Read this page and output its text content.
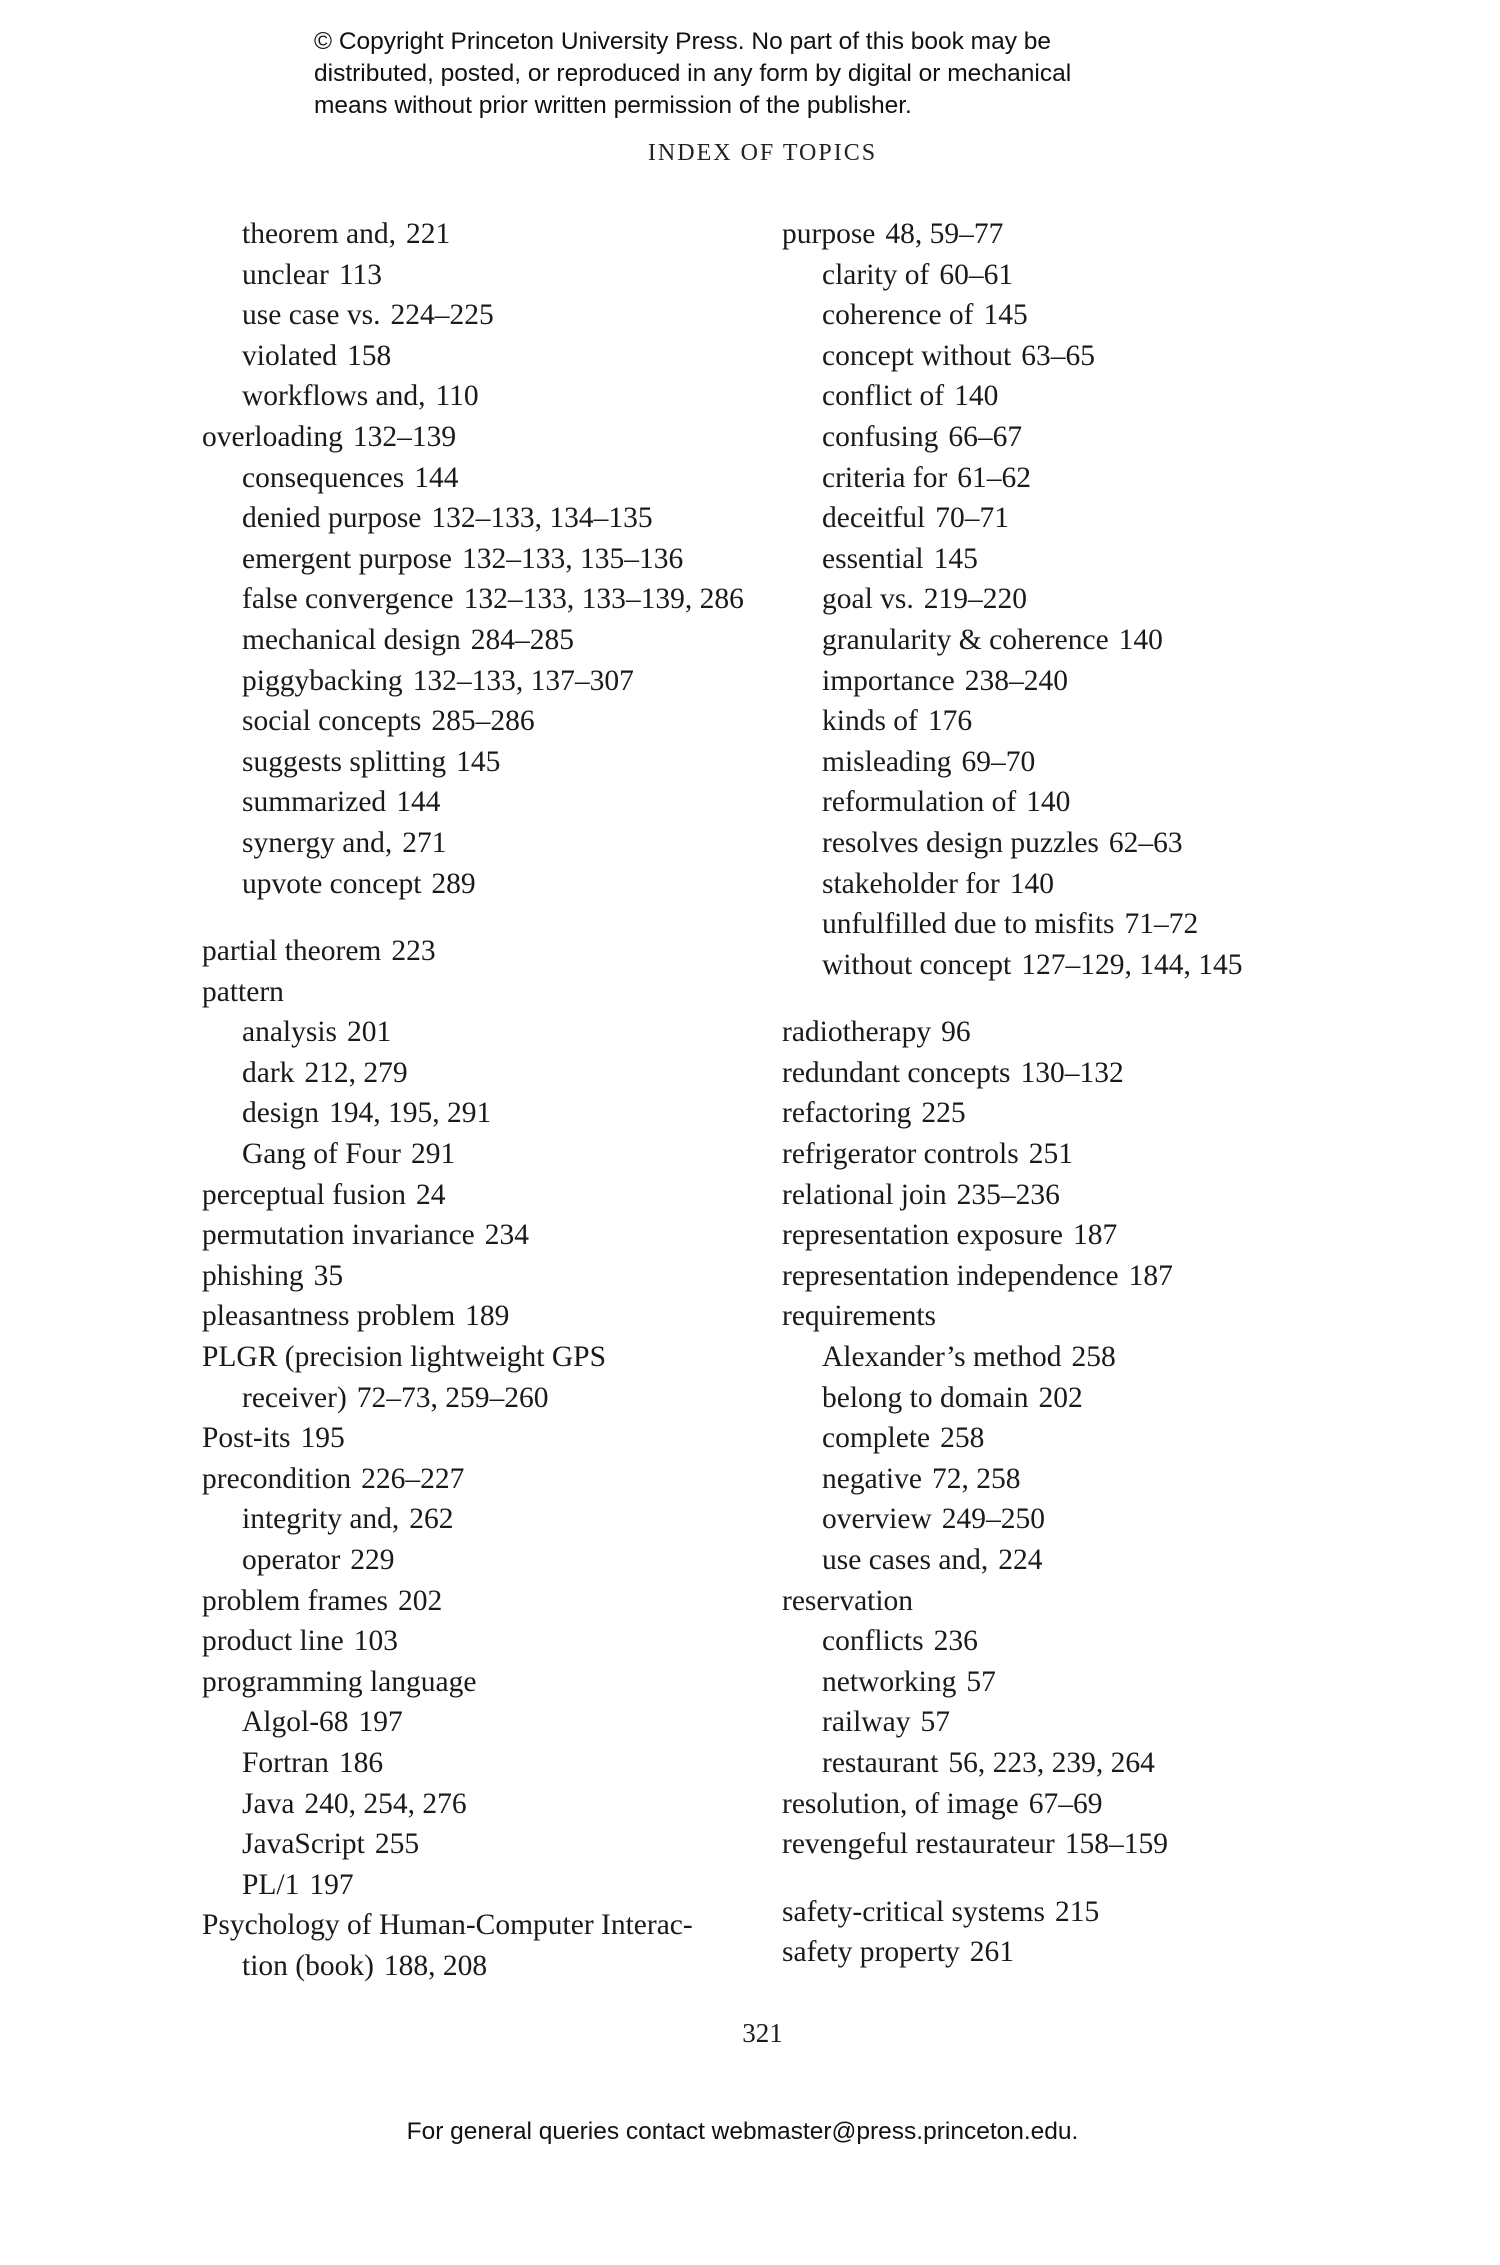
© Copyright Princeton University Press. No part of this book may be
distributed, posted, or reproduced in any form by digital or mechanical
means without prior written permission of the publisher.
INDEX OF TOPICS
theorem and, 221
unclear 113
use case vs. 224–225
violated 158
workflows and, 110
overloading 132–139
consequences 144
denied purpose 132–133, 134–135
emergent purpose 132–133, 135–136
false convergence 132–133, 133–139, 286
mechanical design 284–285
piggybacking 132–133, 137–307
social concepts 285–286
suggests splitting 145
summarized 144
synergy and, 271
upvote concept 289
partial theorem 223
pattern
analysis 201
dark 212, 279
design 194, 195, 291
Gang of Four 291
perceptual fusion 24
permutation invariance 234
phishing 35
pleasantness problem 189
PLGR (precision lightweight GPS
receiver) 72–73, 259–260
Post-its 195
precondition 226–227
integrity and, 262
operator 229
problem frames 202
product line 103
programming language
Algol-68 197
Fortran 186
Java 240, 254, 276
JavaScript 255
PL/1 197
Psychology of Human-Computer Interac-
tion (book) 188, 208
purpose 48, 59–77
clarity of 60–61
coherence of 145
concept without 63–65
conflict of 140
confusing 66–67
criteria for 61–62
deceitful 70–71
essential 145
goal vs. 219–220
granularity & coherence 140
importance 238–240
kinds of 176
misleading 69–70
reformulation of 140
resolves design puzzles 62–63
stakeholder for 140
unfulfilled due to misfits 71–72
without concept 127–129, 144, 145
radiotherapy 96
redundant concepts 130–132
refactoring 225
refrigerator controls 251
relational join 235–236
representation exposure 187
representation independence 187
requirements
Alexander’s method 258
belong to domain 202
complete 258
negative 72, 258
overview 249–250
use cases and, 224
reservation
conflicts 236
networking 57
railway 57
restaurant 56, 223, 239, 264
resolution, of image 67–69
revengeful restaurateur 158–159
safety-critical systems 215
safety property 261
321
For general queries contact webmaster@press.princeton.edu.
